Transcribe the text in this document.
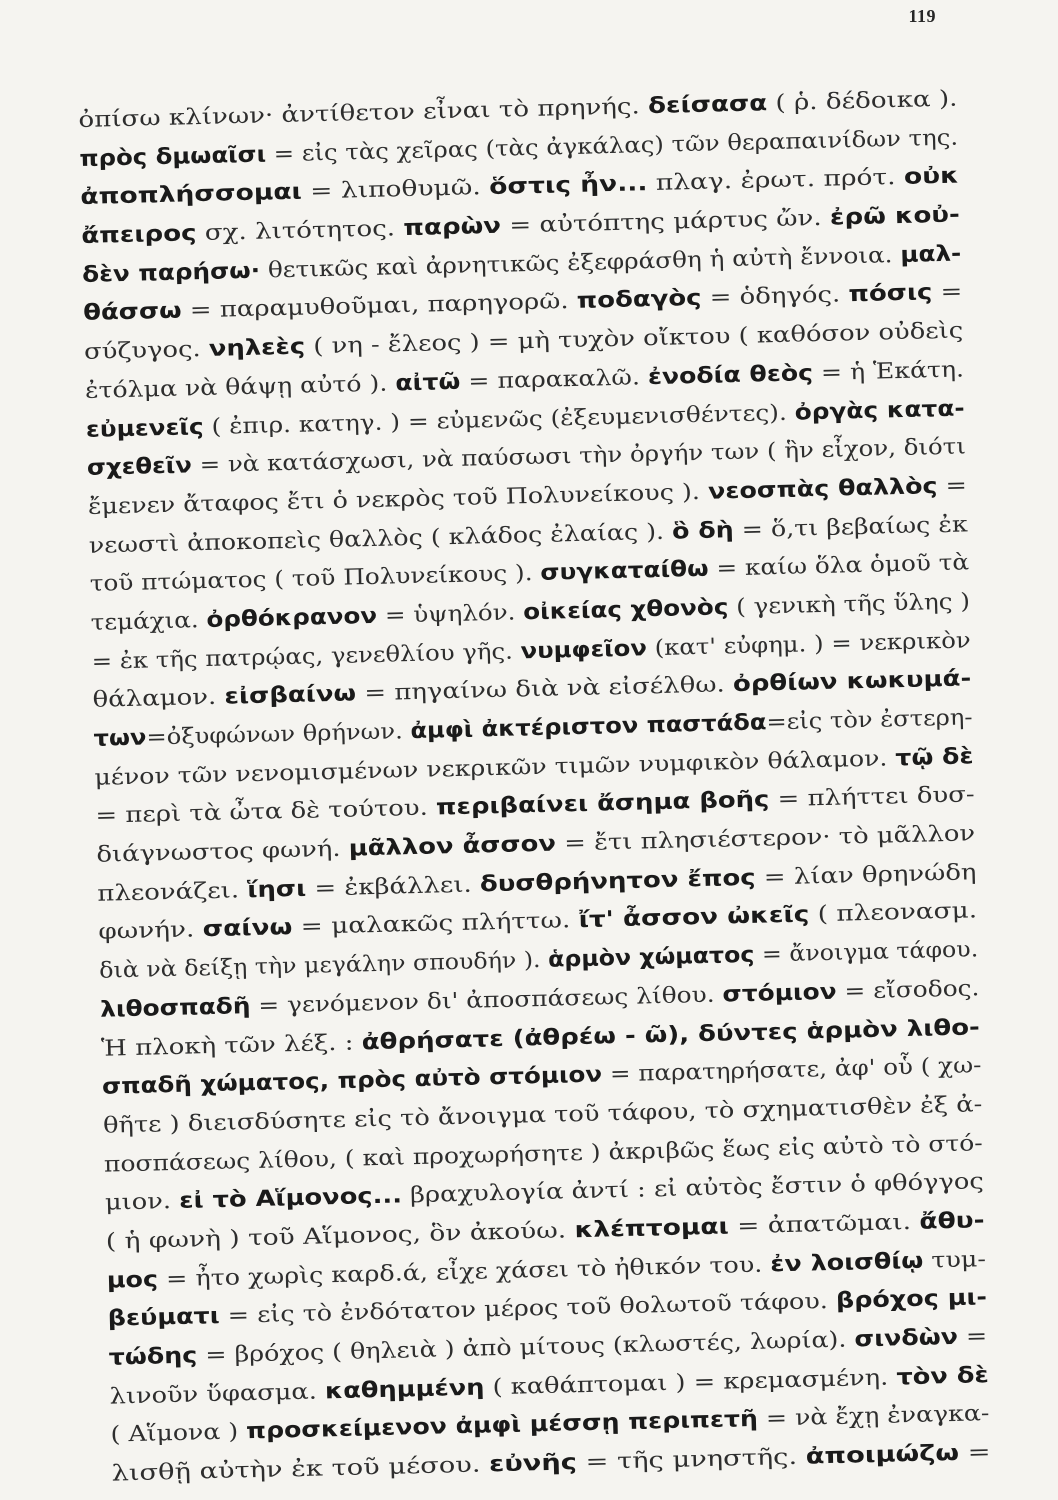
119
ὀπίσω κλίνων· ἀντίθετον εἶναι τὸ πρηνής. δείσασα ( ῥ. δέδοικα ).
πρὸς δμωαῖσι = εἰς τὰς χεῖρας (τὰς ἀγκάλας) τῶν θεραπαινίδων της.
ἀποπλήσσομαι = λιποθυμῶ. ὅστις ἦν... πλαγ. ἐρωτ. πρότ. οὐκ
ἄπειρος σχ. λιτότητος. παρὼν = αὐτόπτης μάρτυς ὤν. ἐρῶ κοὐ-
δὲν παρήσω· θετικῶς καὶ ἀρνητικῶς ἐξεφράσθη ἡ αὐτὴ ἔννοια. μαλ-
θάσσω = παραμυθοῦμαι, παρηγορῶ. ποδαγὸς = ὁδηγός. πόσις =
σύζυγος. νηλεὲς ( νη - ἔλεος ) = μὴ τυχὸν οἴκτου ( καθόσον οὐδεὶς
ἐτόλμα νὰ θάψῃ αὐτό ). αἰτῶ = παρακαλῶ. ἐνοδία θεὸς = ἡ Ἑκάτη.
εὐμενεῖς ( ἐπιρ. κατηγ. ) = εὐμενῶς (ἐξευμενισθέντες). ὀργὰς κατα-
σχεθεῖν = νὰ κατάσχωσι, νὰ παύσωσι τὴν ὀργήν των ( ἣν εἶχον, διότι
ἔμενεν ἄταφος ἔτι ὁ νεκρὸς τοῦ Πολυνείκους ). νεοσπὰς θαλλὸς =
νεωστὶ ἀποκοπεὶς θαλλὸς ( κλάδος ἐλαίας ). ὃ δὴ = ὅ,τι βεβαίως ἐκ
τοῦ πτώματος ( τοῦ Πολυνείκους ). συγκαταίθω = καίω ὅλα ὁμοῦ τὰ
τεμάχια. ὀρθόκρανον = ὑψηλόν. οἰκείας χθονὸς ( γενικὴ τῆς ὕλης )
= ἐκ τῆς πατρῴας, γενεθλίου γῆς. νυμφεῖον (κατ' εὐφημ. ) = νεκρικὸν
θάλαμον. εἰσβαίνω = πηγαίνω διὰ νὰ εἰσέλθω. ὀρθίων κωκυμά-
των=ὀξυφώνων θρήνων. ἀμφὶ ἀκτέριστον παστάδα=εἰς τὸν ἐστερη-
μένον τῶν νενομισμένων νεκρικῶν τιμῶν νυμφικὸν θάλαμον. τῷ δὲ
= περὶ τὰ ὦτα δὲ τούτου. περιβαίνει ἄσημα βοῆς = πλήττει δυσ-
διάγνωστος φωνή. μᾶλλον ἆσσον = ἔτι πλησιέστερον· τὸ μᾶλλον
πλεονάζει. ἵησι = ἐκβάλλει. δυσθρήνητον ἔπος = λίαν θρηνώδη
φωνήν. σαίνω = μαλακῶς πλήττω. ἴτ' ἆσσον ὠκεῖς ( πλεονασμ.
διὰ νὰ δείξῃ τὴν μεγάλην σπουδήν ). ἁρμὸν χώματος = ἄνοιγμα τάφου.
λιθοσπαδῆ = γενόμενον δι' ἀποσπάσεως λίθου. στόμιον = εἴσοδος.
Ἡ πλοκὴ τῶν λέξ. : ἀθρήσατε (ἀθρέω - ῶ), δύντες ἁρμὸν λιθο-
σπαδῆ χώματος, πρὸς αὐτὸ στόμιον = παρατηρήσατε, ἀφ' οὗ ( χω-
θῆτε ) διεισδύσητε εἰς τὸ ἄνοιγμα τοῦ τάφου, τὸ σχηματισθὲν ἐξ ἀ-
ποσπάσεως λίθου, ( καὶ προχωρήσητε ) ἀκριβῶς ἕως εἰς αὐτὸ τὸ στό-
μιον. εἰ τὸ Αἵμονος... βραχυλογία ἀντί : εἰ αὐτὸς ἔστιν ὁ φθόγγος
( ἡ φωνὴ ) τοῦ Αἵμονος, ὃν ἀκούω. κλέπτομαι = ἀπατῶμαι. ἄθυ-
μος = ἦτο χωρὶς καρδ.ά, εἶχε χάσει τὸ ἠθικόν του. ἐν λοισθίῳ τυμ-
βεύματι = εἰς τὸ ἐνδότατον μέρος τοῦ θολωτοῦ τάφου. βρόχος μι-
τώδης = βρόχος ( θηλειὰ ) ἀπὸ μίτους (κλωστές, λωρία). σινδὼν =
λινοῦν ὕφασμα. καθημμένη ( καθάπτομαι ) = κρεμασμένη. τὸν δὲ
( Αἵμονα ) προσκείμενον ἀμφὶ μέσσῃ περιπετῆ = νὰ ἔχῃ ἐναγκα-
λισθῇ αὐτὴν ἐκ τοῦ μέσου. εὐνῆς = τῆς μνηστῆς. ἀποιμώζω =
